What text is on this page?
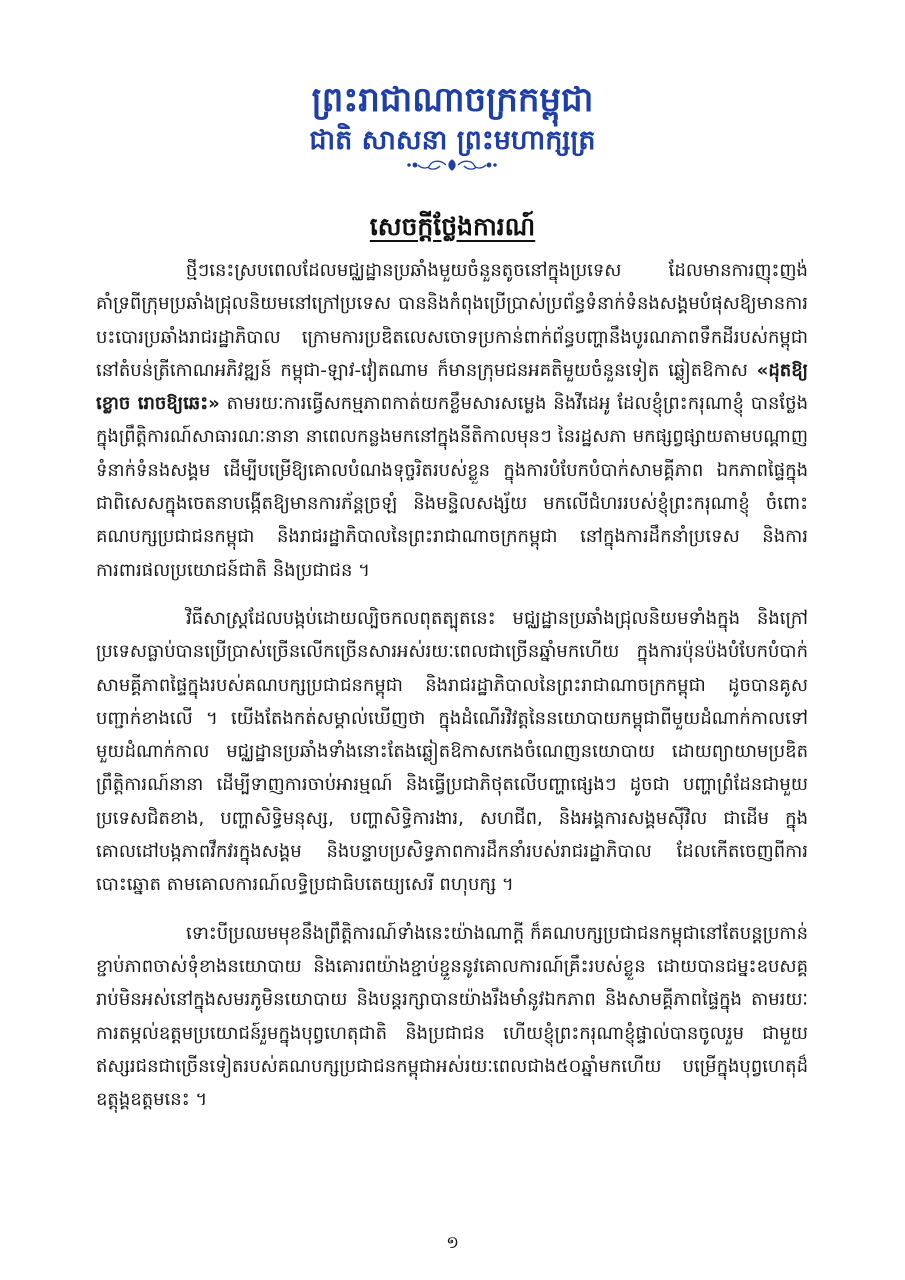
ព្រះរាជាណាចក្រកម្ពុជា
ជាតិ សាសនា ព្រះមហាក្សត្រ
សេចក្តីថ្លែងការណ៍

ថ្មីៗនេះស្របពេលដែលមជ្ឈដ្ឋានប្រឆាំងមួយចំនួនតូចនៅក្នុងប្រទេស ដែលមានការញុះញង់ គាំទ្រពីក្រុមប្រឆាំងជ្រុលនិយមនៅក្រៅប្រទេស បាននិងកំពុងប្រើប្រាស់ប្រព័ន្ធទំនាក់ទំនងសង្គមបំផុសឱ្យមានការបះបោរប្រឆាំងរាជរដ្ឋាភិបាល ក្រោមការប្រឌិតលេសចោទប្រកាន់ពាក់ព័ន្ធបញ្ហានឹងបូរណភាពទឹកដីរបស់កម្ពុជានៅតំបន់ត្រីកោណអភិវឌ្ឍន៍ កម្ពុជា-ឡាវ-វៀតណាម ក៏មានក្រុមជនអគតិមួយចំនួនទៀត ឆ្លៀតឱកាស «ដុតឱ្យខ្លោច រោចឱ្យឆេះ» តាមរយៈការធ្វើសកម្មភាពកាត់យកខ្លឹមសារសម្លេង និងវីដេអូ ដែលខ្ញុំព្រះករុណាខ្ញុំ បានថ្លែងក្នុងព្រឹត្តិការណ៍សាធារណៈនានា នាពេលកន្លងមកនៅក្នុងនីតិកាលមុនៗ នៃរដ្ឋសភា មកផ្សព្វផ្សាយតាមបណ្តាញទំនាក់ទំនងសង្គម ដើម្បីបម្រើឱ្យគោលបំណងទុច្ចរិតរបស់ខ្លួន ក្នុងការបំបែកបំបាក់សាមគ្គីភាព ឯកភាពផ្ទៃក្នុង ជាពិសេសក្នុងចេតនាបង្កើតឱ្យមានការភ័ន្តច្រឡំ និងមន្ទិលសង្ស័យ មកលើជំហររបស់ខ្ញុំព្រះករុណាខ្ញុំ ចំពោះគណបក្សប្រជាជនកម្ពុជា និងរាជរដ្ឋាភិបាលនៃព្រះរាជាណាចក្រកម្ពុជា នៅក្នុងការដឹកនាំប្រទេស និងការការពារផលប្រយោជន៍ជាតិ និងប្រជាជន ។

វិធីសាស្ត្រដែលបង្កប់ដោយល្បិចកលពុតត្បុតនេះ មជ្ឈដ្ឋានប្រឆាំងជ្រុលនិយមទាំងក្នុង និងក្រៅប្រទេសធ្លាប់បានប្រើប្រាស់ច្រើនលើកច្រើនសារអស់រយៈពេលជាច្រើនឆ្នាំមកហើយ ក្នុងការប៉ុនប៉ងបំបែកបំបាក់សាមគ្គីភាពផ្ទៃក្នុងរបស់គណបក្សប្រជាជនកម្ពុជា និងរាជរដ្ឋាភិបាលនៃព្រះរាជាណាចក្រកម្ពុជា ដូចបានគូសបញ្ជាក់ខាងលើ ។ យើងតែងកត់សម្គាល់ឃើញថា ក្នុងដំណើរវិវត្តនៃនយោបាយកម្ពុជាពីមួយដំណាក់កាលទៅមួយដំណាក់កាល មជ្ឈដ្ឋានប្រឆាំងទាំងនោះតែងឆ្លៀតឱកាសកេងចំណេញនយោបាយ ដោយព្យាយាមប្រឌិតព្រឹត្តិការណ៍នានា ដើម្បីទាញការចាប់អារម្មណ៍ និងធ្វើប្រជាភិថុតលើបញ្ហាផ្សេងៗ ដូចជា បញ្ហាព្រំដែនជាមួយប្រទេសជិតខាង, បញ្ហាសិទ្ធិមនុស្ស, បញ្ហាសិទ្ធិការងារ, សហជីព, និងអង្គការសង្គមស៊ីវិល ជាដើម ក្នុងគោលដៅបង្កភាពវឹកវរក្នុងសង្គម និងបន្ទាបប្រសិទ្ធភាពការដឹកនាំរបស់រាជរដ្ឋាភិបាល ដែលកើតចេញពីការបោះឆ្នោត តាមគោលការណ៍លទ្ធិប្រជាធិបតេយ្យសេរី ពហុបក្ស ។

ទោះបីប្រឈមមុខនឹងព្រឹត្តិការណ៍ទាំងនេះយ៉ាងណាក្តី ក៏គណបក្សប្រជាជនកម្ពុជានៅតែបន្តប្រកាន់ខ្ជាប់ភាពចាស់ទុំខាងនយោបាយ និងគោរពយ៉ាងខ្ជាប់ខ្ជួននូវគោលការណ៍គ្រឹះរបស់ខ្លួន ដោយបានជម្នះឧបសគ្គរាប់មិនអស់នៅក្នុងសមរភូមិនយោបាយ និងបន្តរក្សាបានយ៉ាងរឹងមាំនូវឯកភាព និងសាមគ្គីភាពផ្ទៃក្នុង តាមរយៈការតម្កល់ឧត្តមប្រយោជន៍រួមក្នុងបុព្វហេតុជាតិ និងប្រជាជន ហើយខ្ញុំព្រះករុណាខ្ញុំផ្ទាល់បានចូលរួម ជាមួយឥស្សរជនជាច្រើនទៀតរបស់គណបក្សប្រជាជនកម្ពុជាអស់រយៈពេលជាង៥០ឆ្នាំមកហើយ បម្រើក្នុងបុព្វហេតុដ៏ឧត្តុង្គឧត្តមនេះ ។

១
